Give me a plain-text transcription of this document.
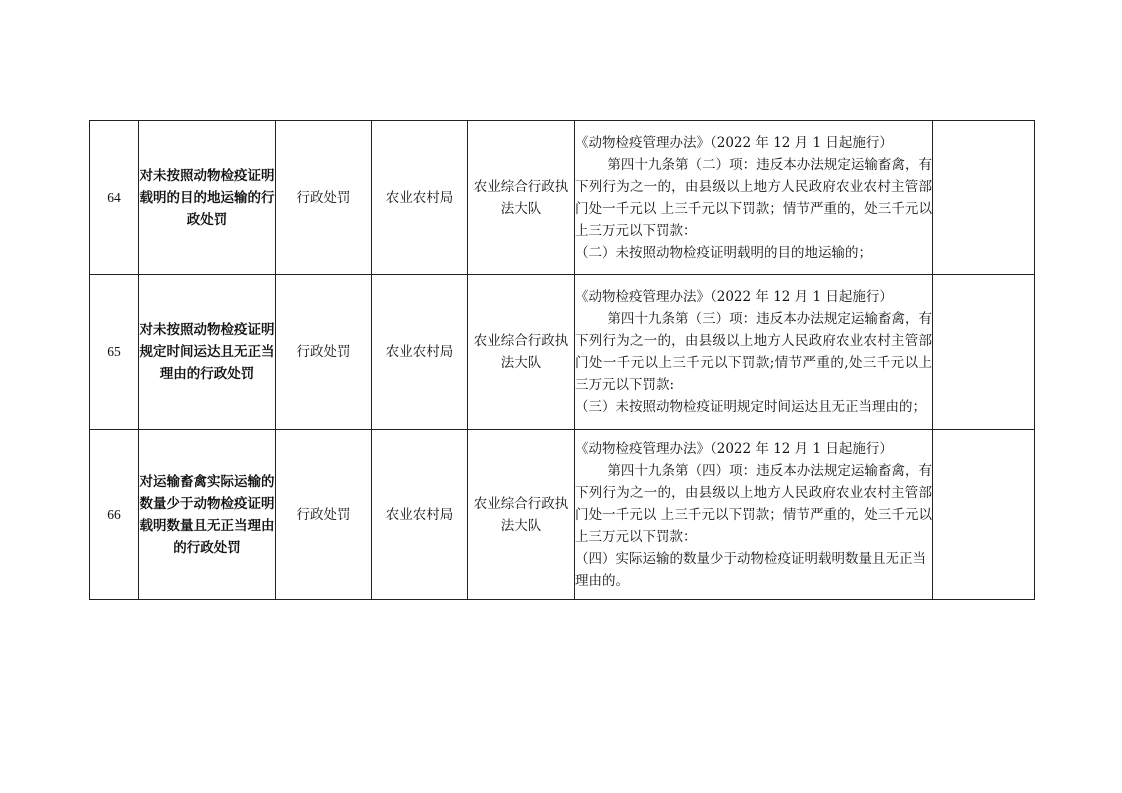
64	对未按照动物检疫证明载明的目的地运输的行政处罚	行政处罚	农业农村局	农业综合行政执法大队	《动物检疫管理办法》（2022 年 12 月 1 日起施行）
第四十九条第（二）项：违反本办法规定运输畜禽，有下列行为之一的，由县级以上地方人民政府农业农村主管部门处一千元以 上三千元以下罚款；情节严重的，处三千元以上三万元以下罚款：
（二）未按照动物检疫证明载明的目的地运输的；	

65	对未按照动物检疫证明规定时间运达且无正当理由的行政处罚	行政处罚	农业农村局	农业综合行政执法大队	《动物检疫管理办法》（2022 年 12 月 1 日起施行）
第四十九条第（三）项：违反本办法规定运输畜禽，有下列行为之一的，由县级以上地方人民政府农业农村主管部门处一千元以上三千元以下罚款;情节严重的,处三千元以上三万元以下罚款:
（三）未按照动物检疫证明规定时间运达且无正当理由的；	

66	对运输畜禽实际运输的数量少于动物检疫证明载明数量且无正当理由的行政处罚	行政处罚	农业农村局	农业综合行政执法大队	《动物检疫管理办法》（2022 年 12 月 1 日起施行）
第四十九条第（四）项：违反本办法规定运输畜禽，有下列行为之一的，由县级以上地方人民政府农业农村主管部门处一千元以 上三千元以下罚款；情节严重的，处三千元以上三万元以下罚款：
（四）实际运输的数量少于动物检疫证明载明数量且无正当理由的。	
